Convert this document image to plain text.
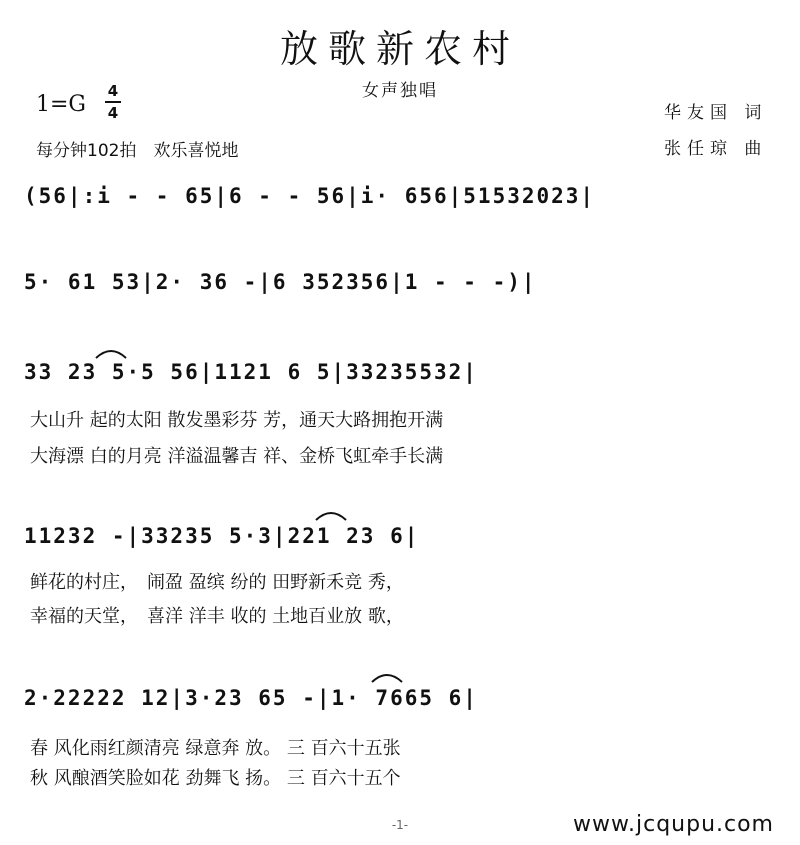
放歌新农村
女声独唱
1=G
4
4
每分钟102拍　欢乐喜悦地
华友国 词
张任琼 曲
(56|:i - - 65|6 - - 56|i· 656|51532023|
5· 61 53|2· 36 -|6 352356|1 - - -)|
33 23 5·5 56|1121 6 5|33235532|
大山升 起的太阳 散发墨彩芬 芳，通天大路拥抱开满
大海漂 白的月亮 洋溢温馨吉 祥、金桥飞虹牵手长满
11232 -|33235 5·3|221 23 6|
鲜花的村庄，　闹盈 盈缤 纷的 田野新禾竞 秀，
幸福的天堂，　喜洋 洋丰 收的 土地百业放 歌，
2·22222 12|3·23 65 -|1· 7665 6|
春 风化雨红颜清亮 绿意奔 放。 三 百六十五张
秋 风酿酒笑脸如花 劲舞飞 扬。 三 百六十五个
-1-	www.jcqupu.com
